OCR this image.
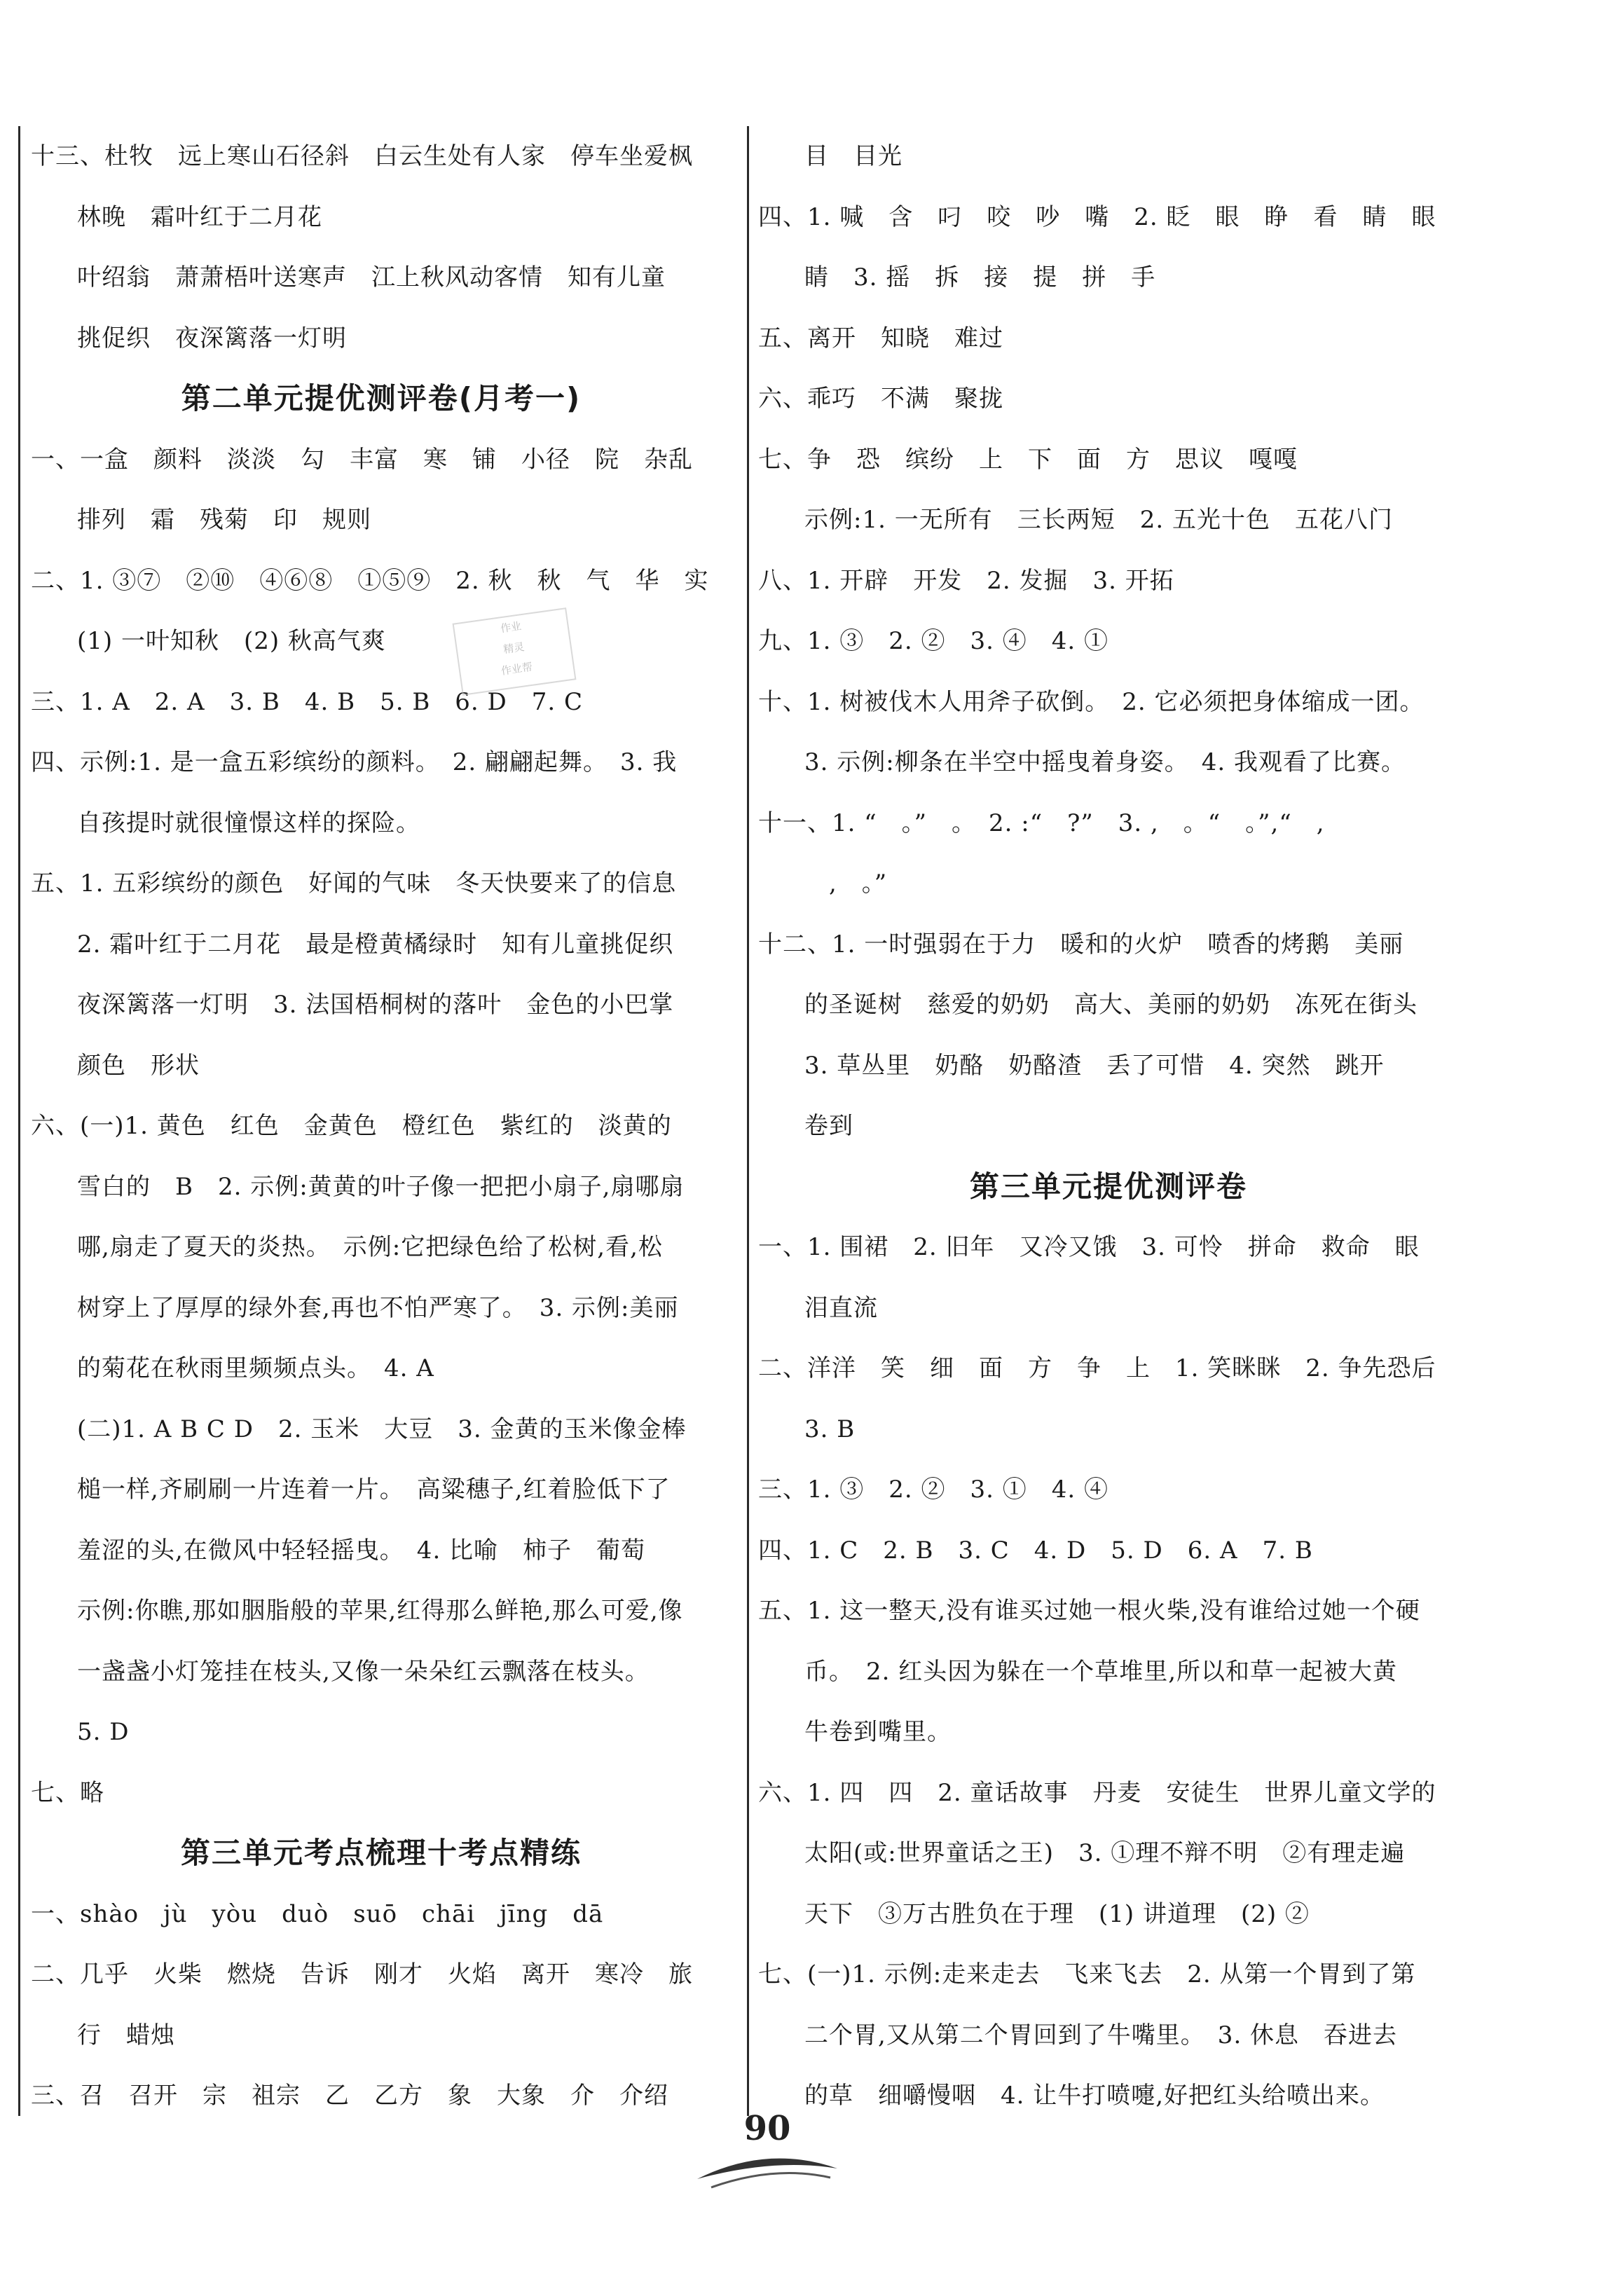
十三、杜牧　远上寒山石径斜　白云生处有人家　停车坐爱枫
林晚　霜叶红于二月花
叶绍翁　萧萧梧叶送寒声　江上秋风动客情　知有儿童
挑促织　夜深篱落一灯明
第二单元提优测评卷(月考一)
一、一盒　颜料　淡淡　勾　丰富　寒　铺　小径　院　杂乱
排列　霜　残菊　印　规则
二、1. ③⑦　②⑩　④⑥⑧　①⑤⑨　2. 秋　秋　气　华　实
(1) 一叶知秋　(2) 秋高气爽
三、1. A　2. A　3. B　4. B　5. B　6. D　7. C
四、示例:1. 是一盒五彩缤纷的颜料。　2. 翩翩起舞。　3. 我
自孩提时就很憧憬这样的探险。
五、1. 五彩缤纷的颜色　好闻的气味　冬天快要来了的信息
2. 霜叶红于二月花　最是橙黄橘绿时　知有儿童挑促织
夜深篱落一灯明　3. 法国梧桐树的落叶　金色的小巴掌
颜色　形状
六、(一)1. 黄色　红色　金黄色　橙红色　紫红的　淡黄的
雪白的　B　2. 示例:黄黄的叶子像一把把小扇子,扇哪扇
哪,扇走了夏天的炎热。　示例:它把绿色给了松树,看,松
树穿上了厚厚的绿外套,再也不怕严寒了。　3. 示例:美丽
的菊花在秋雨里频频点头。　4. A
(二)1. A B C D　2. 玉米　大豆　3. 金黄的玉米像金棒
槌一样,齐刷刷一片连着一片。　高粱穗子,红着脸低下了
羞涩的头,在微风中轻轻摇曳。　4. 比喻　柿子　葡萄
示例:你瞧,那如胭脂般的苹果,红得那么鲜艳,那么可爱,像
一盏盏小灯笼挂在枝头,又像一朵朵红云飘落在枝头。
5. D
七、略
第三单元考点梳理十考点精练
一、shào　jù　yòu　duò　suō　chāi　jīng　dā
二、几乎　火柴　燃烧　告诉　刚才　火焰　离开　寒冷　旅
行　蜡烛
三、召　召开　宗　祖宗　乙　乙方　象　大象　介　介绍
目　目光
四、1. 喊　含　叼　咬　吵　嘴　2. 眨　眼　睁　看　睛　眼
睛　3. 摇　拆　接　提　拼　手
五、离开　知晓　难过
六、乖巧　不满　聚拢
七、争　恐　缤纷　上　下　面　方　思议　嘎嘎
示例:1. 一无所有　三长两短　2. 五光十色　五花八门
八、1. 开辟　开发　2. 发掘　3. 开拓
九、1. ③　2. ②　3. ④　4. ①
十、1. 树被伐木人用斧子砍倒。　2. 它必须把身体缩成一团。
3. 示例:柳条在半空中摇曳着身姿。　4. 我观看了比赛。
十一、1. “　。”　。　2. :“　?”　3. ,　。“　。”,“　,
　,　。”
十二、1. 一时强弱在于力　暖和的火炉　喷香的烤鹅　美丽
的圣诞树　慈爱的奶奶　高大、美丽的奶奶　冻死在街头
3. 草丛里　奶酪　奶酪渣　丢了可惜　4. 突然　跳开
卷到
第三单元提优测评卷
一、1. 围裙　2. 旧年　又冷又饿　3. 可怜　拼命　救命　眼
泪直流
二、洋洋　笑　细　面　方　争　上　1. 笑眯眯　2. 争先恐后
3. B
三、1. ③　2. ②　3. ①　4. ④
四、1. C　2. B　3. C　4. D　5. D　6. A　7. B
五、1. 这一整天,没有谁买过她一根火柴,没有谁给过她一个硬
币。　2. 红头因为躲在一个草堆里,所以和草一起被大黄
牛卷到嘴里。
六、1. 四　四　2. 童话故事　丹麦　安徒生　世界儿童文学的
太阳(或:世界童话之王)　3. ①理不辩不明　②有理走遍
天下　③万古胜负在于理　(1) 讲道理　(2) ②
七、(一)1. 示例:走来走去　飞来飞去　2. 从第一个胃到了第
二个胃,又从第二个胃回到了牛嘴里。　3. 休息　吞进去
的草　细嚼慢咽　4. 让牛打喷嚏,好把红头给喷出来。
作业
精灵
作业帮
90
